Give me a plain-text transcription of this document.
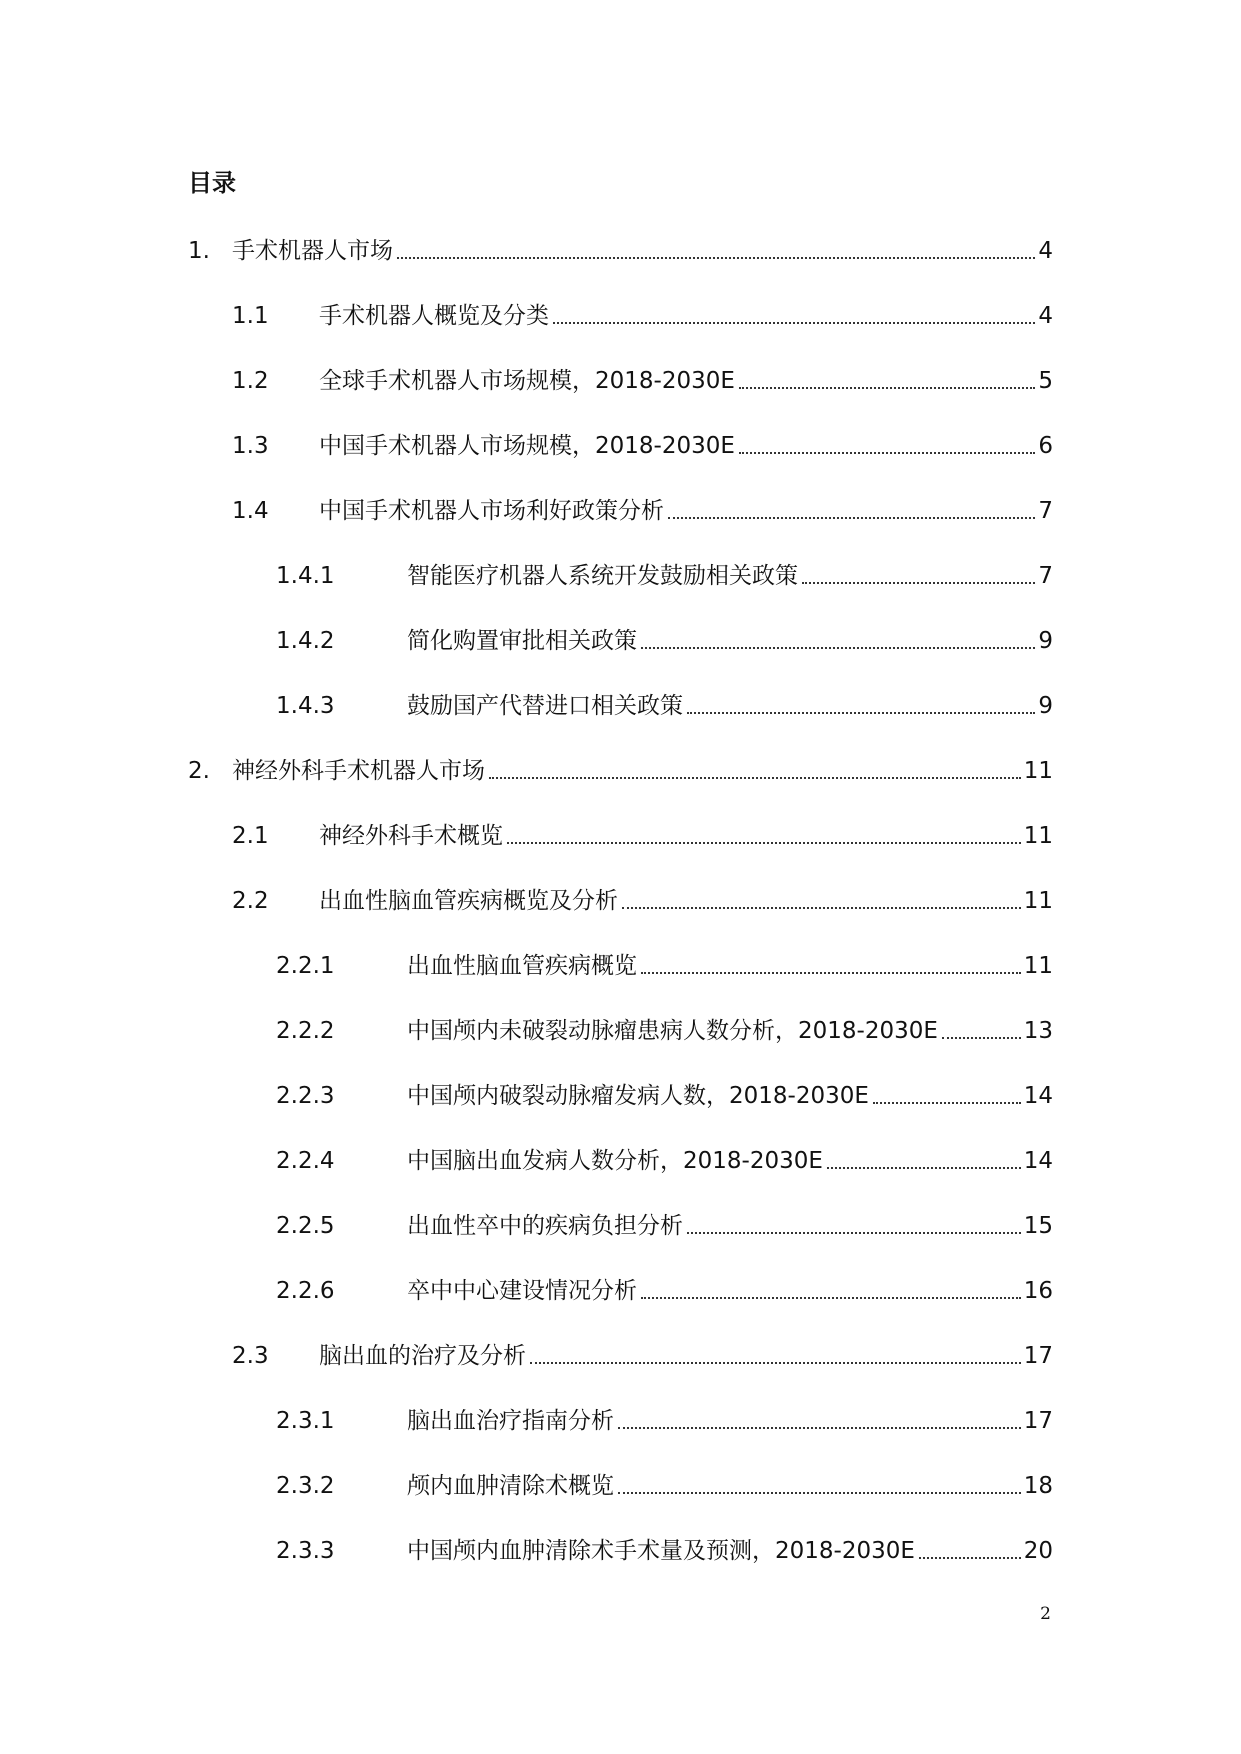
目录
1. 手术机器人市场	4
1.1	手术机器人概览及分类	4
1.2	全球手术机器人市场规模，2018-2030E	5
1.3	中国手术机器人市场规模，2018-2030E	6
1.4	中国手术机器人市场利好政策分析	7
1.4.1	智能医疗机器人系统开发鼓励相关政策	7
1.4.2	简化购置审批相关政策	9
1.4.3	鼓励国产代替进口相关政策	9
2. 神经外科手术机器人市场	11
2.1	神经外科手术概览	11
2.2	出血性脑血管疾病概览及分析	11
2.2.1	出血性脑血管疾病概览	11
2.2.2	中国颅内未破裂动脉瘤患病人数分析，2018-2030E	13
2.2.3	中国颅内破裂动脉瘤发病人数，2018-2030E	14
2.2.4	中国脑出血发病人数分析，2018-2030E	14
2.2.5	出血性卒中的疾病负担分析	15
2.2.6	卒中中心建设情况分析	16
2.3	脑出血的治疗及分析	17
2.3.1	脑出血治疗指南分析	17
2.3.2	颅内血肿清除术概览	18
2.3.3	中国颅内血肿清除术手术量及预测，2018-2030E	20
2
